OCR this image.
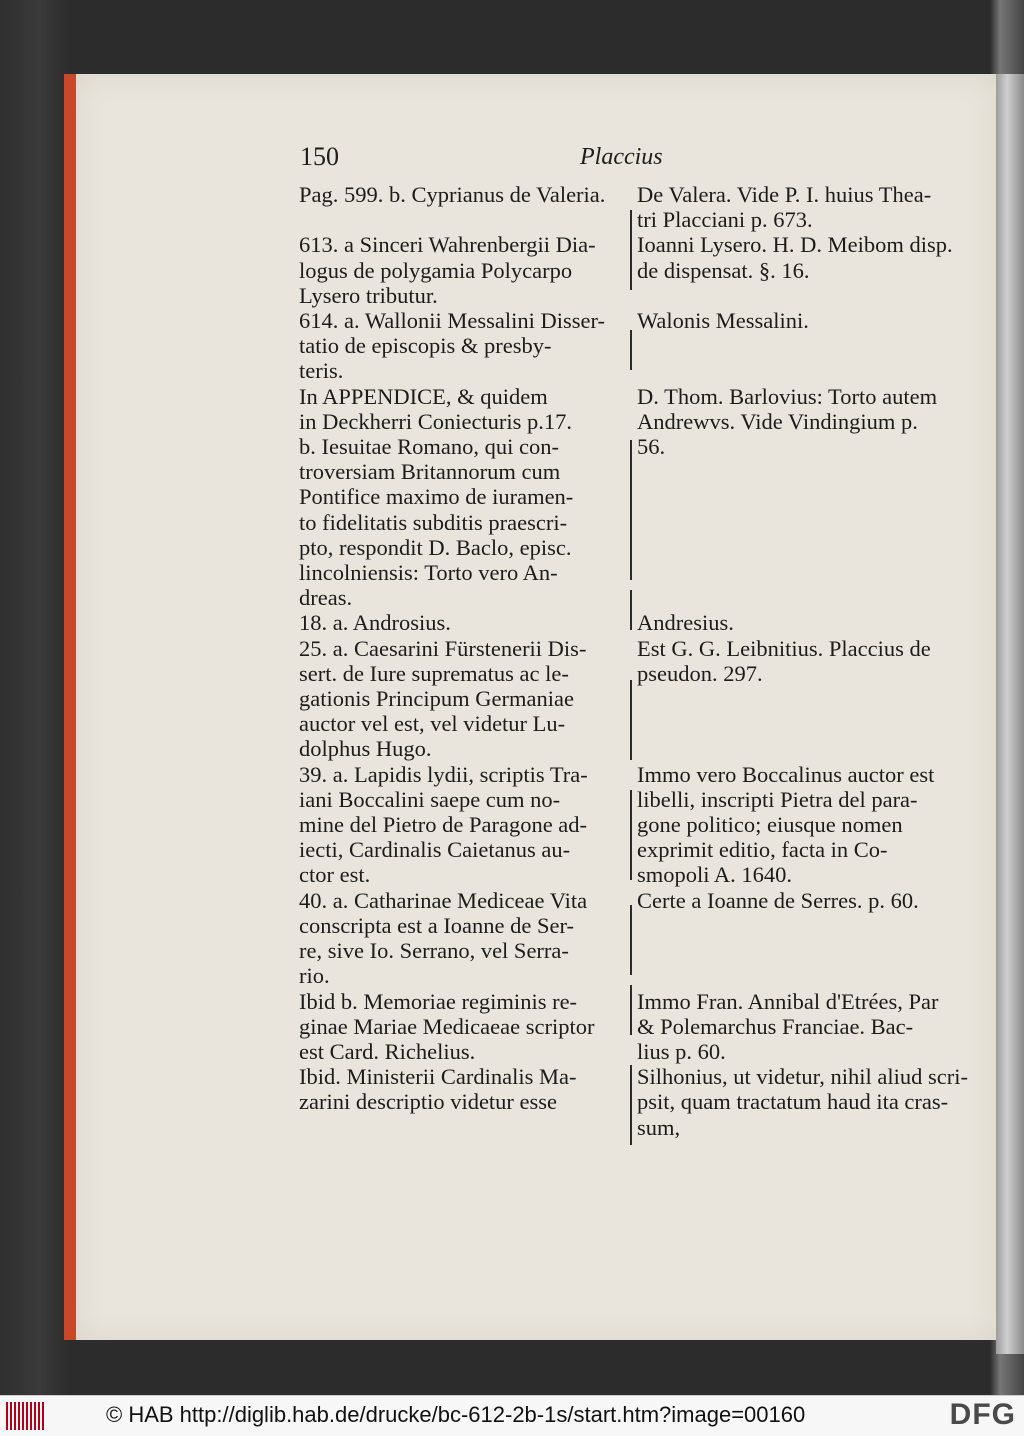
150	Placcius
Pag. 599. b. Cyprianus de Valeria.

613. a Sinceri Wahrenbergii Dia-
logus de polygamia Polycarpo
Lysero tributur.
614. a. Wallonii Messalini Disser-
tatio de episcopis & presby-
teris.
In APPENDICE, & quidem
in Deckherri Coniecturis p.17.
b. Iesuitae Romano, qui con-
troversiam Britannorum cum
Pontifice maximo de iuramen-
to fidelitatis subditis praescri-
pto, respondit D. Baclo, episc.
lincolniensis: Torto vero An-
dreas.
18. a. Androsius.
25. a. Caesarini Fürstenerii Dis-
sert. de Iure suprematus ac le-
gationis Principum Germaniae
auctor vel est, vel videtur Lu-
dolphus Hugo.
39. a. Lapidis lydii, scriptis Tra-
iani Boccalini saepe cum no-
mine del Pietro de Paragone ad-
iecti, Cardinalis Caietanus au-
ctor est.
40. a. Catharinae Mediceae Vita
conscripta est a Ioanne de Ser-
re, sive Io. Serrano, vel Serra-
rio.
Ibid b. Memoriae regiminis re-
ginae Mariae Medicaeae scriptor
est Card. Richelius.
Ibid. Ministerii Cardinalis Ma-
zarini descriptio videtur esse
De Valera. Vide P. I. huius Thea-
tri Placciani p. 673.
Ioanni Lysero. H. D. Meibom disp.
de dispensat. §. 16.

Walonis Messalini.

D. Thom. Barlovius: Torto autem
Andrewvs. Vide Vindingium p.
56.

Andresius.
Est G. G. Leibnitius. Placcius de
pseudon. 297.

Immo vero Boccalinus auctor est
libelli, inscripti Pietra del para-
gone politico; eiusque nomen
exprimit editio, facta in Co-
smopoli A. 1640.
Certe a Ioanne de Serres. p. 60.

Immo Fran. Annibal d'Etrées, Par
& Polemarchus Franciae. Bac-
lius p. 60.
Silhonius, ut videtur, nihil aliud scri-
psit, quam tractatum haud ita cras-
sum,
© HAB http://diglib.hab.de/drucke/bc-612-2b-1s/start.htm?image=00160	DFG
